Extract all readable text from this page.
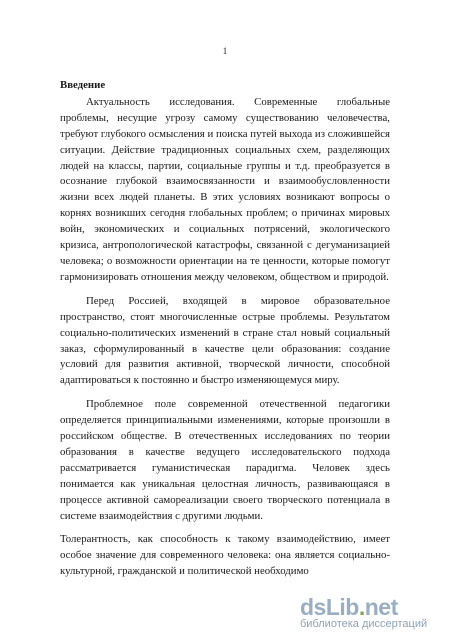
1
Введение

Актуальность исследования. Современные глобальные проблемы, несущие угрозу самому существованию человечества, требуют глубокого осмысления и поиска путей выхода из сложившейся ситуации. Действие традиционных социальных схем, разделяющих людей на классы, партии, социальные группы и т.д. преобразуется в осознание глубокой взаимосвязанности и взаимообусловленности жизни всех людей планеты. В этих условиях возникают вопросы о корнях возникших сегодня глобальных проблем; о причинах мировых войн, экономических и социальных потрясений, экологического кризиса, антропологической катастрофы, связанной с дегуманизацией человека; о возможности ориентации на те ценности, которые помогут гармонизировать отношения между человеком, обществом и природой.

Перед Россией, входящей в мировое образовательное пространство, стоят многочисленные острые проблемы. Результатом социально-политических изменений в стране стал новый социальный заказ, сформулированный в качестве цели образования: создание условий для развития активной, творческой личности, способной адаптироваться к постоянно и быстро изменяющемуся миру.

Проблемное поле современной отечественной педагогики определяется принципиальными изменениями, которые произошли в российском обществе. В отечественных исследованиях по теории образования в качестве ведущего исследовательского подхода рассматривается гуманистическая парадигма. Человек здесь понимается как уникальная целостная личность, развивающаяся в процессе активной самореализации своего творческого потенциала в системе взаимодействия с другими людьми.

Толерантность, как способность к такому взаимодействию, имеет особое значение для современного человека: она является социально-культурной, гражданской и политической необходимо

dsLib.net
библиотека диссертаций
